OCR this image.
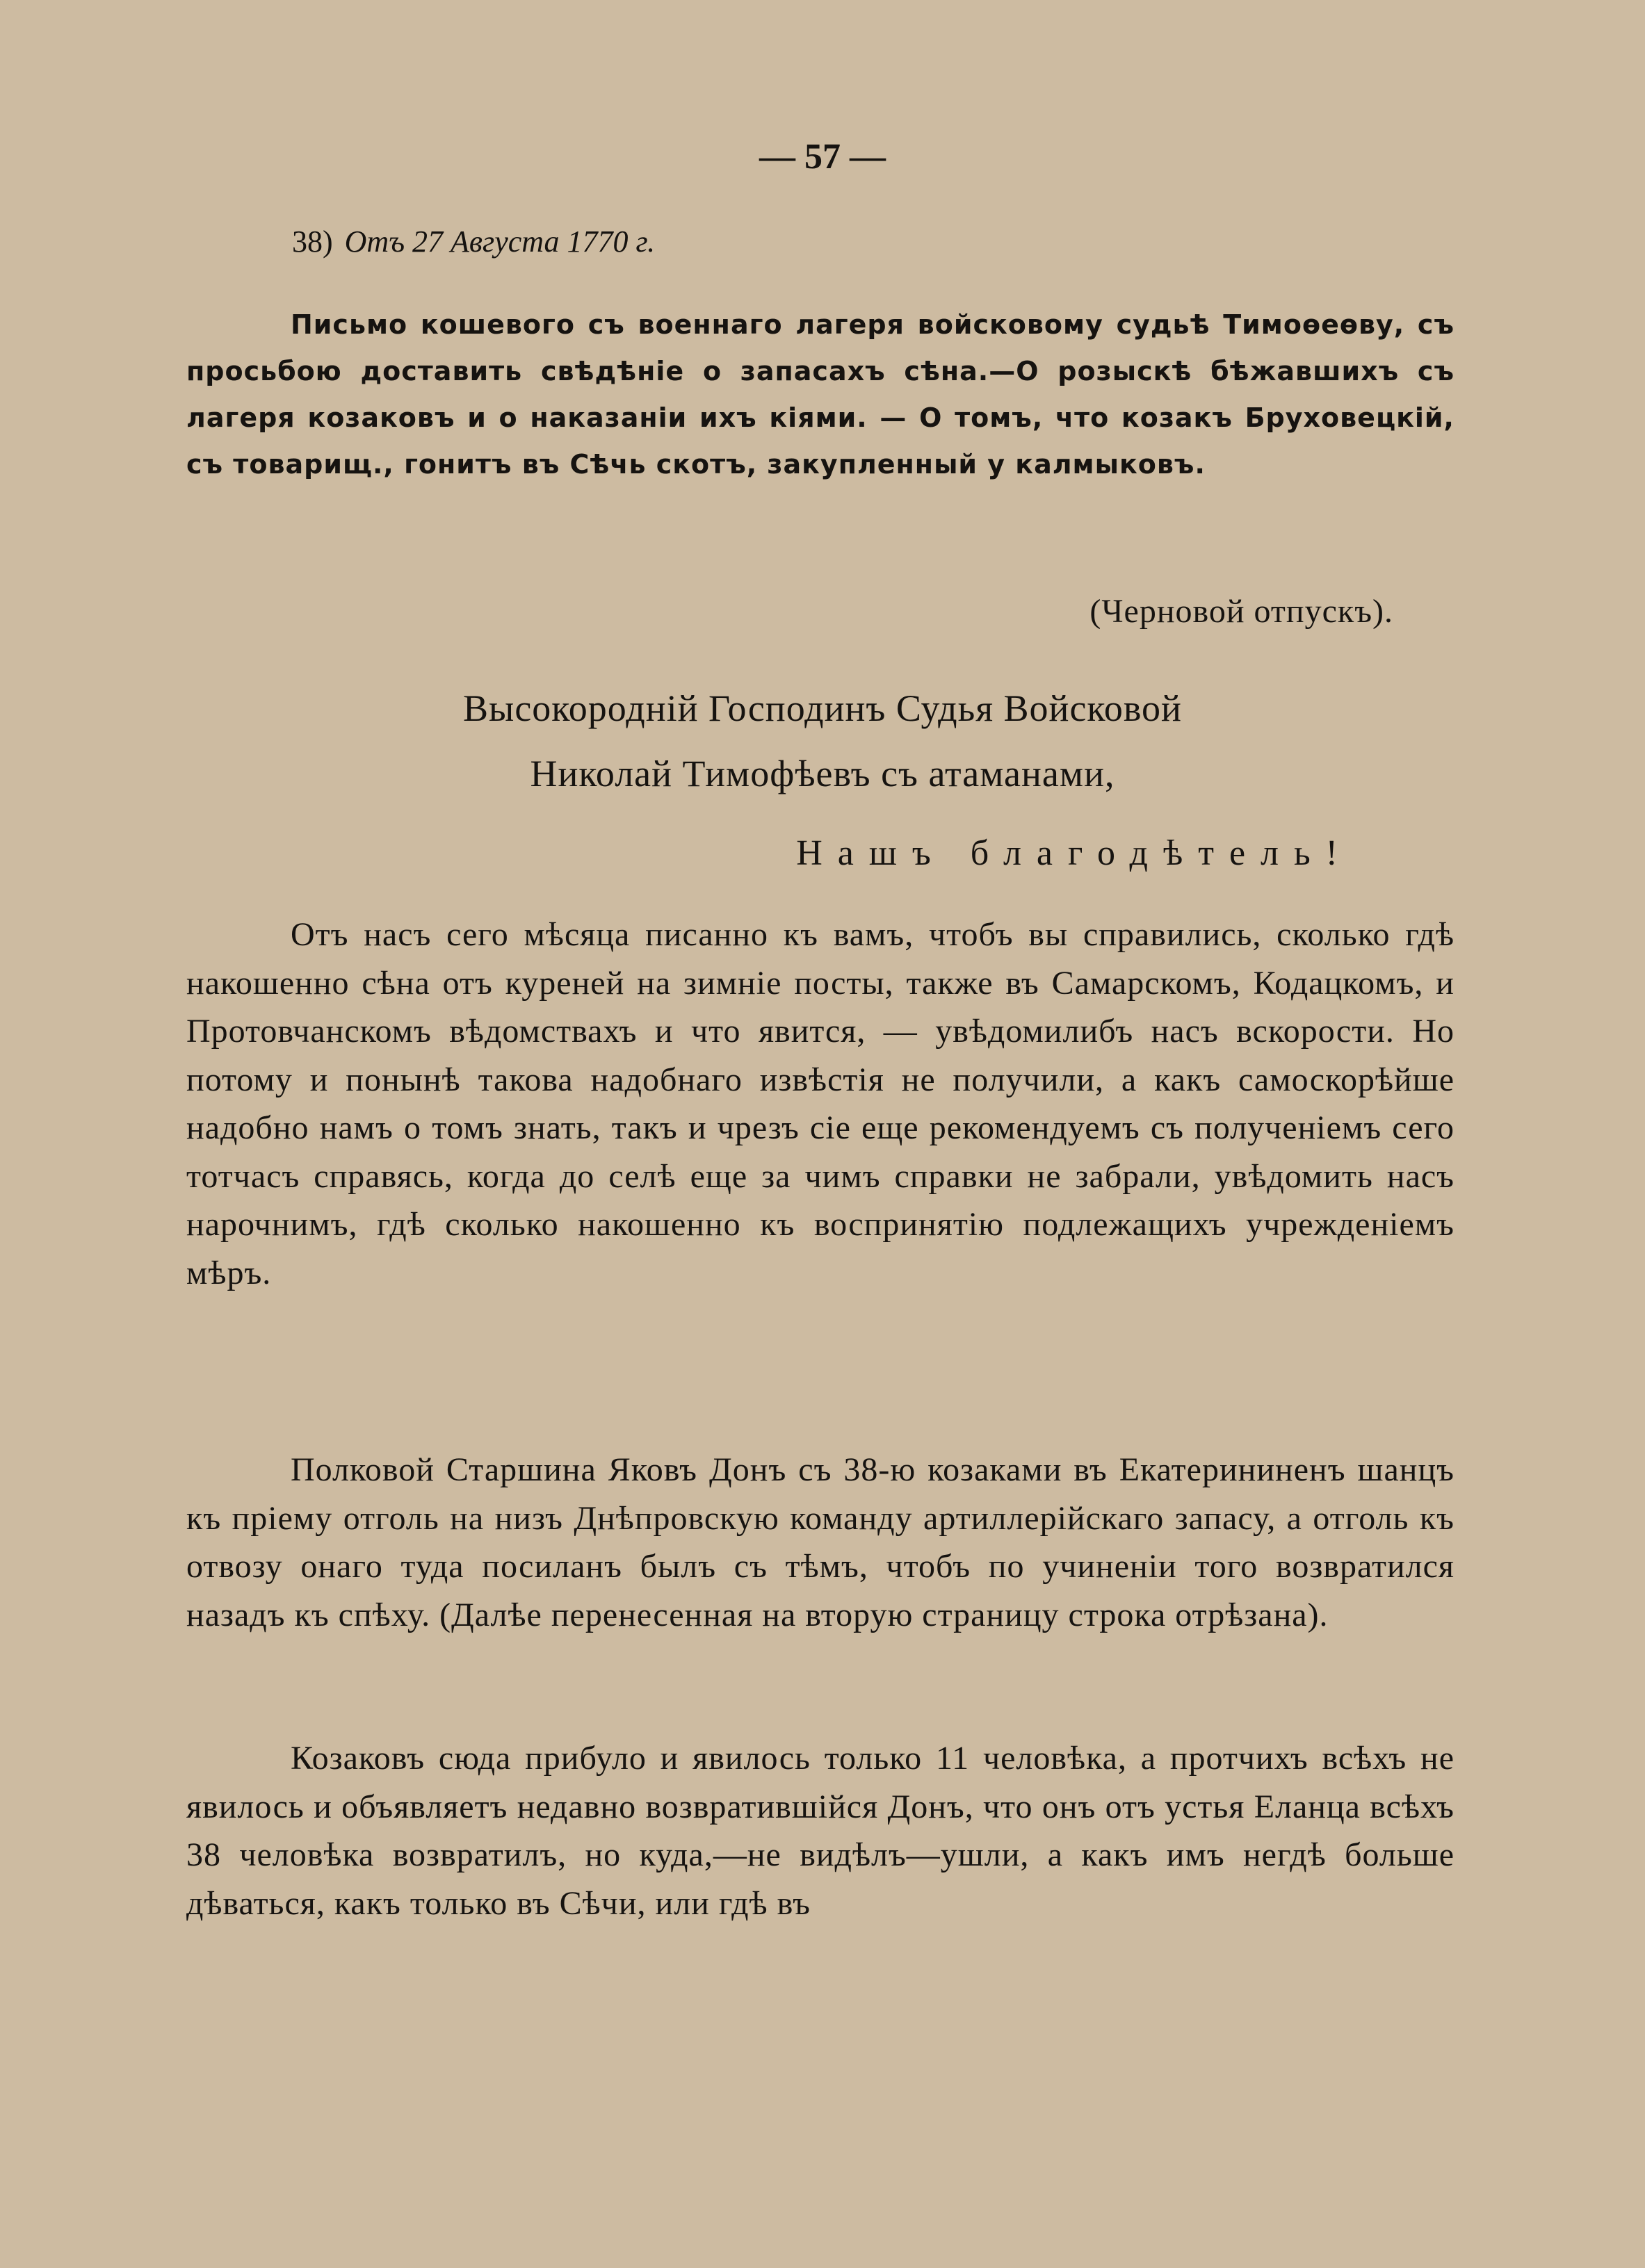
— 57 —
38) Отъ 27 Августа 1770 г.
Письмо кошевого съ военнаго лагеря войсковому судьѣ Тимоѳеѳву, съ просьбою доставить свѣдѣніе о запасахъ сѣна.—О розыскѣ бѣжавшихъ съ лагеря козаковъ и о наказаніи ихъ кіями. — О томъ, что козакъ Бруховецкій, съ товарищ., гонитъ въ Сѣчь скотъ, закупленный у калмыковъ.
(Черновой отпускъ).
Высокородній Господинъ Судья Войсковой
Николай Тимофѣевъ съ атаманами,
Нашъ благодѣтель!
Отъ насъ сего мѣсяца писанно къ вамъ, чтобъ вы справились, сколько гдѣ накошенно сѣна отъ куреней на зимніе посты, также въ Самарскомъ, Кодацкомъ, и Протовчанскомъ вѣдомствахъ и что явится, — увѣдомилибъ насъ вскорости. Но потому и понынѣ такова надобнаго извѣстія не получили, а какъ самоскорѣйше надобно намъ о томъ знать, такъ и чрезъ сіе еще рекомендуемъ съ полученіемъ сего тотчасъ справясь, когда до селѣ еще за чимъ справки не забрали, увѣдомить насъ нарочнимъ, гдѣ сколько накошенно къ воспринятію подлежащихъ учрежденіемъ мѣръ.
Полковой Старшина Яковъ Донъ съ 38-ю козаками въ Екатерининенъ шанцъ къ пріему отголь на низъ Днѣпровскую команду артиллерійскаго запасу, а отголь къ отвозу онаго туда посиланъ былъ съ тѣмъ, чтобъ по учиненіи того возвратился назадъ къ спѣху. (Далѣе перенесенная на вторую страницу строка отрѣзана).
Козаковъ сюда прибуло и явилось только 11 человѣка, а протчихъ всѣхъ не явилось и объявляетъ недавно возвратившійся Донъ, что онъ отъ устья Еланца всѣхъ 38 человѣка возвратилъ, но куда,—не видѣлъ—ушли, а какъ имъ негдѣ больше дѣваться, какъ только въ Сѣчи, или гдѣ въ
